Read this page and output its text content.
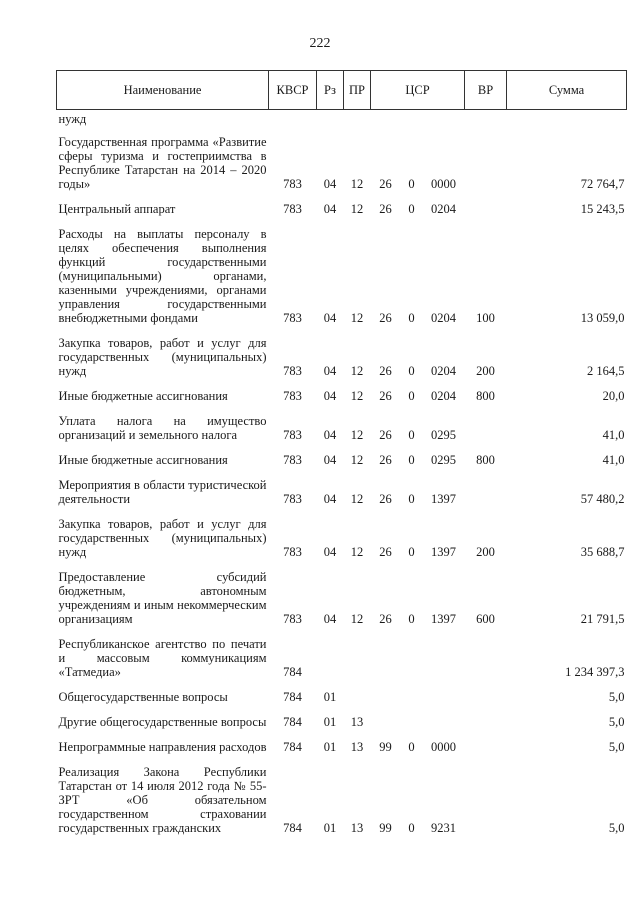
222
Наименование	КВСР	Рз	ПР	ЦСР			ВР	Сумма
нужд								
Государственная программа «Развитие сферы туризма и гостеприимства в Республике Татарстан на 2014 – 2020 годы»	783	04	12	26	0	0000		72 764,7
Центральный аппарат	783	04	12	26	0	0204		15 243,5
Расходы на выплаты персоналу в целях обеспечения выполнения функций государственными (муниципальными) органами, казенными учреждениями, органами управления государственными внебюджетными фондами	783	04	12	26	0	0204	100	13 059,0
Закупка товаров, работ и услуг для государственных (муниципальных) нужд	783	04	12	26	0	0204	200	2 164,5
Иные бюджетные ассигнования	783	04	12	26	0	0204	800	20,0
Уплата налога на имущество организаций и земельного налога	783	04	12	26	0	0295		41,0
Иные бюджетные ассигнования	783	04	12	26	0	0295	800	41,0
Мероприятия в области туристической деятельности	783	04	12	26	0	1397		57 480,2
Закупка товаров, работ и услуг для государственных (муниципальных) нужд	783	04	12	26	0	1397	200	35 688,7
Предоставление субсидий бюджетным, автономным учреждениям и иным некоммерческим организациям	783	04	12	26	0	1397	600	21 791,5
Республиканское агентство по печати и массовым коммуникациям «Татмедиа»	784							1 234 397,3
Общегосударственные вопросы	784	01						5,0
Другие общегосударственные вопросы	784	01	13					5,0
Непрограммные направления расходов	784	01	13	99	0	0000		5,0
Реализация Закона Республики Татарстан от 14 июля 2012 года № 55-ЗРТ «Об обязательном государственном страховании государственных гражданских	784	01	13	99	0	9231		5,0
